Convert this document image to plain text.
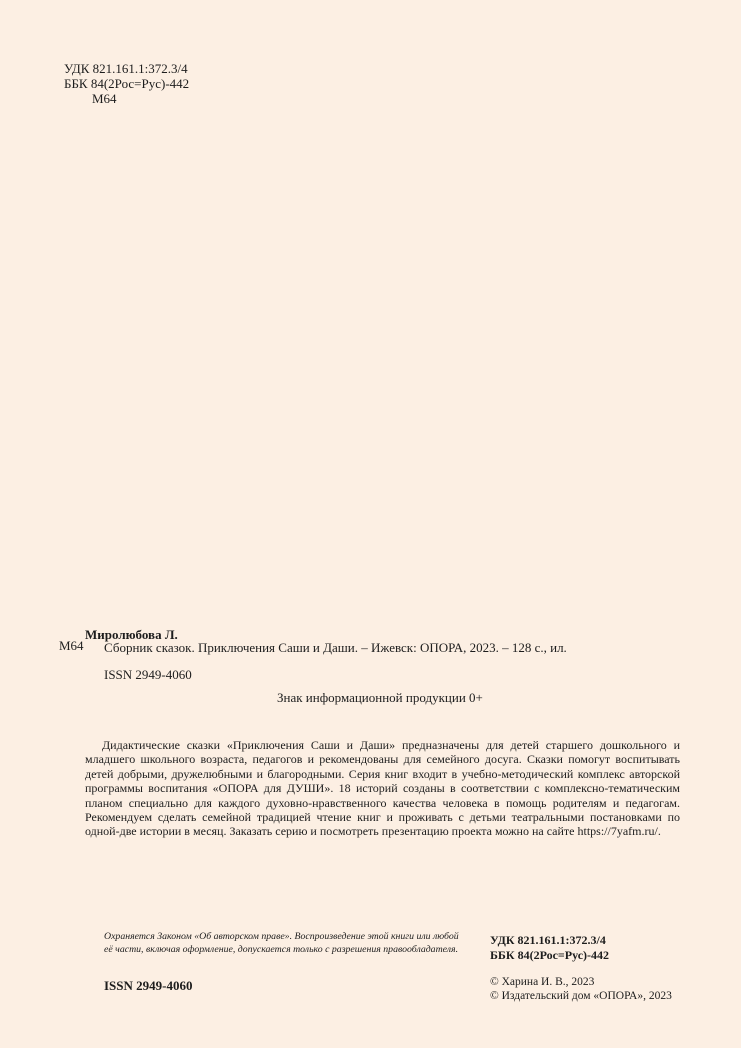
УДК 821.161.1:372.3/4
ББК 84(2Рос=Рус)-442
М64
Миролюбова Л.
М64 Сборник сказок. Приключения Саши и Даши. – Ижевск: ОПОРА, 2023. – 128 с., ил.
ISSN 2949-4060
Знак информационной продукции 0+
Дидактические сказки «Приключения Саши и Даши» предназначены для детей старшего дошкольного и младшего школьного возраста, педагогов и рекомендованы для семейного досуга. Сказки помогут воспитывать детей добрыми, дружелюбными и благородными. Серия книг входит в учебно-методический комплекс авторской программы воспитания «ОПОРА для ДУШИ». 18 историй созданы в соответствии с комплексно-тематическим планом специально для каждого духовно-нравственного качества человека в помощь родителям и педагогам. Рекомендуем сделать семейной традицией чтение книг и проживать с детьми театральными постановками по одной-две истории в месяц. Заказать серию и посмотреть презентацию проекта можно на сайте https://7yafm.ru/.
Охраняется Законом «Об авторском праве». Воспроизведение этой книги или любой
её части, включая оформление, допускается только с разрешения правообладателя.
УДК 821.161.1:372.3/4
ББК 84(2Рос=Рус)-442
ISSN 2949-4060	© Харина И. В., 2023
© Издательский дом «ОПОРА», 2023
